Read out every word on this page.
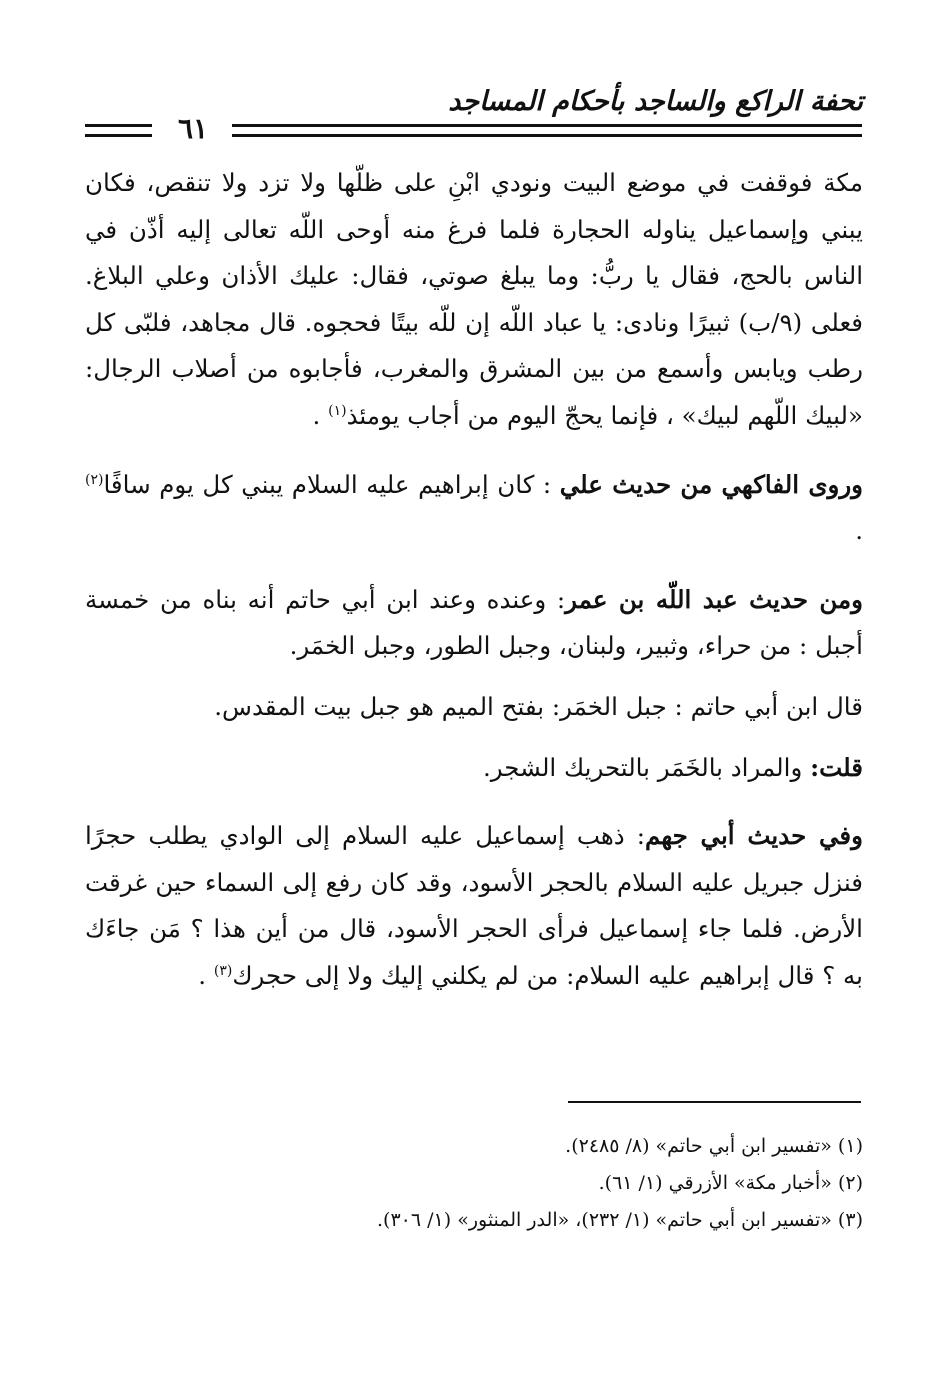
تحفة الراكع والساجد بأحكام المساجد
٦١

مكة فوقفت في موضع البيت ونودي ابْنِ على ظلّها ولا تزد ولا تنقص، فكان يبني وإسماعيل يناوله الحجارة فلما فرغ منه أوحى اللّه تعالى إليه أذّن في الناس بالحج، فقال يا ربُّ: وما يبلغ صوتي، فقال: عليك الأذان وعلي البلاغ. فعلى (٩/ب) ثبيرًا ونادى: يا عباد اللّه إن للّه بيتًا فحجوه. قال مجاهد، فلبّى كل رطب ويابس وأسمع من بين المشرق والمغرب، فأجابوه من أصلاب الرجال: «لبيك اللّهم لبيك» ، فإنما يحجّ اليوم من أجاب يومئذ$^{(١)}$ .

وروى الفاكهي من حديث علي : كان إبراهيم عليه السلام يبني كل يوم سافًا$^{(٢)}$ .

ومن حديث عبد اللّه بن عمر: وعنده وعند ابن أبي حاتم أنه بناه من خمسة أجبل : من حراء، وثبير، ولبنان، وجبل الطور، وجبل الخمَر.

قال ابن أبي حاتم : جبل الخمَر: بفتح الميم هو جبل بيت المقدس.

قلت: والمراد بالخَمَر بالتحريك الشجر.

وفي حديث أبي جهم: ذهب إسماعيل عليه السلام إلى الوادي يطلب حجرًا فنزل جبريل عليه السلام بالحجر الأسود، وقد كان رفع إلى السماء حين غرقت الأرض. فلما جاء إسماعيل فرأى الحجر الأسود، قال من أين هذا ؟ مَن جاءَك به ؟ قال إبراهيم عليه السلام: من لم يكلني إليك ولا إلى حجرك$^{(٣)}$ .

(١) «تفسير ابن أبي حاتم» (٨/ ٢٤٨٥).
(٢) «أخبار مكة» الأزرقي (١/ ٦١).
(٣) «تفسير ابن أبي حاتم» (١/ ٢٣٢)، «الدر المنثور» (١/ ٣٠٦).
